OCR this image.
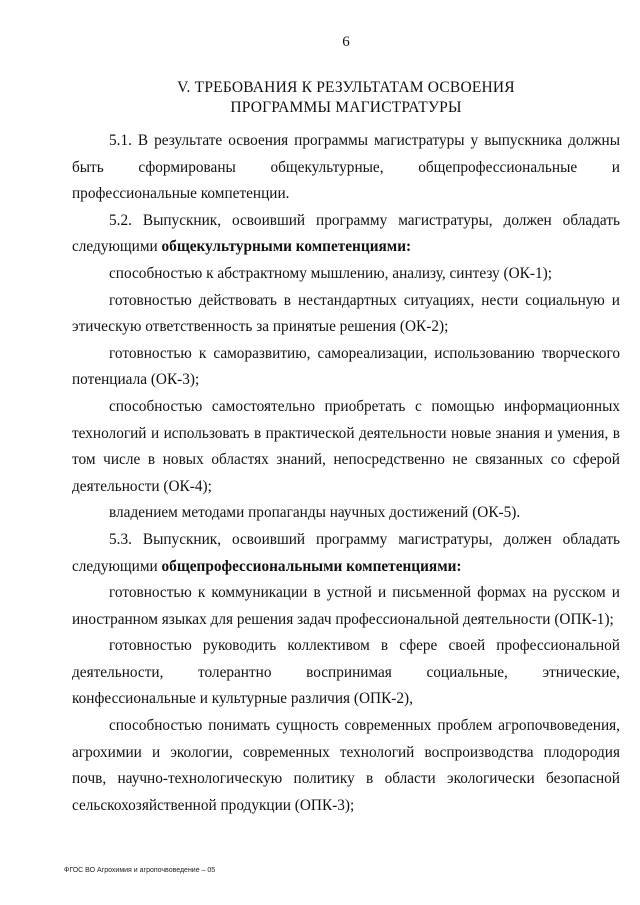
6
V. ТРЕБОВАНИЯ К РЕЗУЛЬТАТАМ ОСВОЕНИЯ
ПРОГРАММЫ МАГИСТРАТУРЫ

5.1. В результате освоения программы магистратуры у выпускника должны быть сформированы общекультурные, общепрофессиональные и профессиональные компетенции.

5.2. Выпускник, освоивший программу магистратуры, должен обладать следующими общекультурными компетенциями:

способностью к абстрактному мышлению, анализу, синтезу (ОК-1);

готовностью действовать в нестандартных ситуациях, нести социальную и этическую ответственность за принятые решения (ОК-2);

готовностью к саморазвитию, самореализации, использованию творческого потенциала (ОК-3);

способностью самостоятельно приобретать с помощью информационных технологий и использовать в практической деятельности новые знания и умения, в том числе в новых областях знаний, непосредственно не связанных со сферой деятельности (ОК-4);

владением методами пропаганды научных достижений (ОК-5).

5.3. Выпускник, освоивший программу магистратуры, должен обладать следующими общепрофессиональными компетенциями:

готовностью к коммуникации в устной и письменной формах на русском и иностранном языках для решения задач профессиональной деятельности (ОПК-1);

готовностью руководить коллективом в сфере своей профессиональной деятельности, толерантно воспринимая социальные, этнические, конфессиональные и культурные различия (ОПК-2),

способностью понимать сущность современных проблем агропочвоведения, агрохимии и экологии, современных технологий воспроизводства плодородия почв, научно-технологическую политику в области экологически безопасной

сельскохозяйственной продукции (ОПК-3);

ФГОС ВО Агрохимия и агропочвоведение – 05
